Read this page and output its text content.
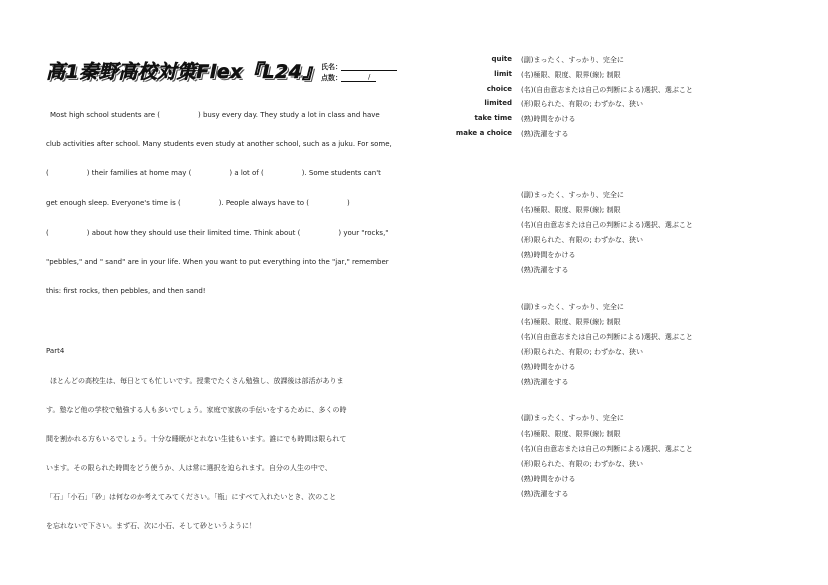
高1秦野高校対策Flex『L24』 氏名：
点数：	/
Most high school students are (	) busy every day. They study a lot in class and have
club activities after school. Many students even study at another school, such as a juku. For some,
(	) their families at home may (	) a lot of (	). Some students can't
get enough sleep. Everyone's time is (	). People always have to (	)
(	) about how they should use their limited time. Think about (	) your "rocks,"
"pebbles," and " sand" are in your life. When you want to put everything into the "jar," remember
this: first rocks, then pebbles, and then sand!
Part4
ほとんどの高校生は、毎日とても忙しいです。授業でたくさん勉強し、放課後は部活がありま
す。塾など他の学校で勉強する人も多いでしょう。家庭で家族の手伝いをするために、多くの時
間を割かれる方もいるでしょう。十分な睡眠がとれない生徒もいます。誰にでも時間は限られて
います。その限られた時間をどう使うか、人は常に選択を迫られます。自分の人生の中で、
「石」「小石」「砂」は何なのか考えてみてください。「瓶」にすべて入れたいとき、次のこと
を忘れないで下さい。まず石、次に小石、そして砂というように！
quite (副)まったく、すっかり、完全に
limit (名)極限、限度、限界(線); 制限
choice (名)(自由意志または自己の判断による)選択、選ぶこと
limited (形)限られた、有限の; わずかな、狭い
take time (熟)時間をかける
make a choice (熟)洗濯をする
(副)まったく、すっかり、完全に
(名)極限、限度、限界(線); 制限
(名)(自由意志または自己の判断による)選択、選ぶこと
(形)限られた、有限の; わずかな、狭い
(熟)時間をかける
(熟)洗濯をする
(副)まったく、すっかり、完全に
(名)極限、限度、限界(線); 制限
(名)(自由意志または自己の判断による)選択、選ぶこと
(形)限られた、有限の; わずかな、狭い
(熟)時間をかける
(熟)洗濯をする
(副)まったく、すっかり、完全に
(名)極限、限度、限界(線); 制限
(名)(自由意志または自己の判断による)選択、選ぶこと
(形)限られた、有限の; わずかな、狭い
(熟)時間をかける
(熟)洗濯をする
